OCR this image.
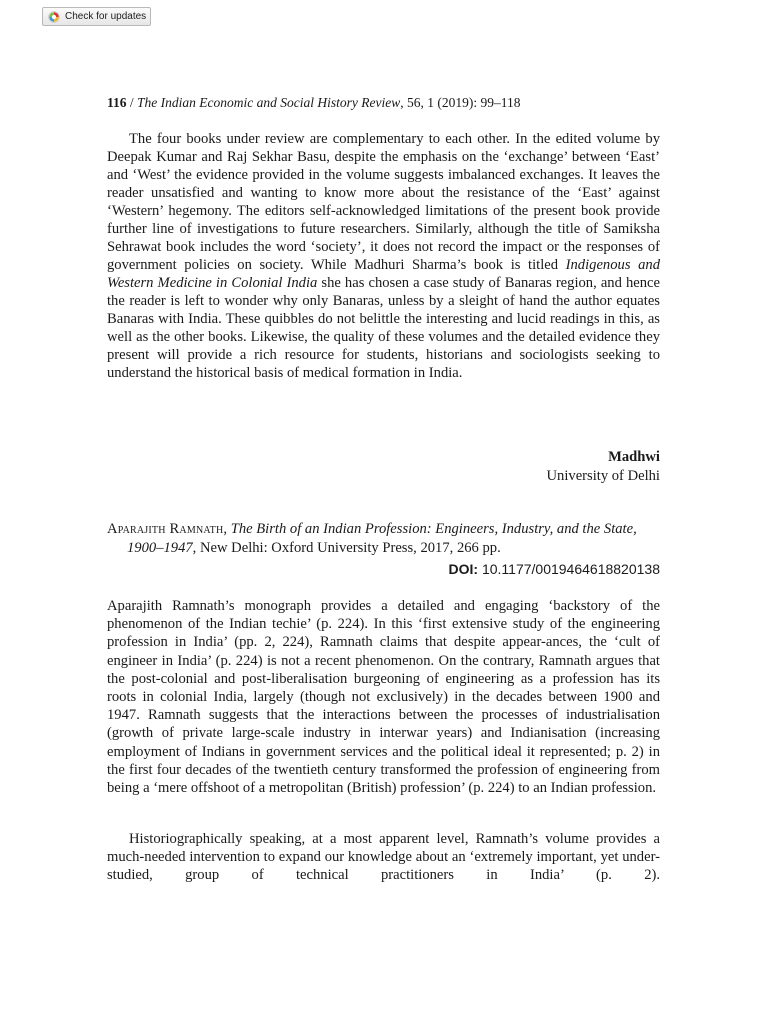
Check for updates
116 / The Indian Economic and Social History Review, 56, 1 (2019): 99–118

The four books under review are complementary to each other. In the edited volume by Deepak Kumar and Raj Sekhar Basu, despite the emphasis on the ‘exchange’ between ‘East’ and ‘West’ the evidence provided in the volume suggests imbalanced exchanges. It leaves the reader unsatisfied and wanting to know more about the resistance of the ‘East’ against ‘Western’ hegemony. The editors self-acknowledged limitations of the present book provide further line of investigations to future researchers. Similarly, although the title of Samiksha Sehrawat book includes the word ‘society’, it does not record the impact or the responses of government policies on society. While Madhuri Sharma’s book is titled Indigenous and Western Medicine in Colonial India she has chosen a case study of Banaras region, and hence the reader is left to wonder why only Banaras, unless by a sleight of hand the author equates Banaras with India. These quibbles do not belittle the interesting and lucid readings in this, as well as the other books. Likewise, the quality of these volumes and the detailed evidence they present will provide a rich resource for students, historians and sociologists seeking to understand the historical basis of medical formation in India.

Madhwi
University of Delhi
Aparajith Ramnath, The Birth of an Indian Profession: Engineers, Industry, and the State, 1900–1947, New Delhi: Oxford University Press, 2017, 266 pp.
DOI: 10.1177/0019464618820138

Aparajith Ramnath’s monograph provides a detailed and engaging ‘backstory of the phenomenon of the Indian techie’ (p. 224). In this ‘first extensive study of the engineering profession in India’ (pp. 2, 224), Ramnath claims that despite appear-ances, the ‘cult of engineer in India’ (p. 224) is not a recent phenomenon. On the contrary, Ramnath argues that the post-colonial and post-liberalisation burgeoning of engineering as a profession has its roots in colonial India, largely (though not exclusively) in the decades between 1900 and 1947. Ramnath suggests that the interactions between the processes of industrialisation (growth of private large-scale industry in interwar years) and Indianisation (increasing employment of Indians in government services and the political ideal it represented; p. 2) in the first four decades of the twentieth century transformed the profession of engineering from being a ‘mere offshoot of a metropolitan (British) profession’ (p. 224) to an Indian profession.

Historiographically speaking, at a most apparent level, Ramnath’s volume provides a much-needed intervention to expand our knowledge about an ‘extremely important, yet under-studied, group of technical practitioners in India’ (p. 2).
